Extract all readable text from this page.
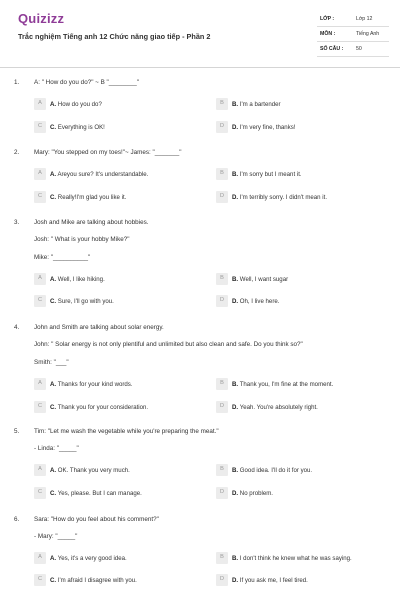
Quizizz
Trắc nghiệm Tiếng anh 12 Chức năng giao tiếp - Phần 2
LỚP :	Lớp 12
MÔN :	Tiếng Anh
SỐ CÂU : 50
1. A: " How do you do?" ~ B "________"
A	A. How do you do?	B	B. I'm a bartender
C	C. Everything is OK!	D	D. I'm very fine, thanks!
2. Mary: "You stepped on my toes!"~ James: "_______"
A	A. Areyou sure? It's understandable.	B	B. I'm sorry but I meant it.
C	C. Really!I'm glad you like it.	D	D. I'm terribly sorry. I didn't mean it.
3. Josh and Mike are talking about hobbies.
Josh: " What is your hobby Mike?"
Mike: "__________"
A	A. Well, I like hiking.	B	B. Well, I want sugar
C	C. Sure, I'll go with you.	D	D. Oh, I live here.
4. John and Smith are talking about solar energy.
John: " Solar energy is not only plentiful and unlimited but also clean and safe. Do you think so?"
Smith: "___"
A	A. Thanks for your kind words.	B	B. Thank you, I'm fine at the moment.
C	C. Thank you for your consideration.	D	D. Yeah. You're absolutely right.
5. Tim: "Let me wash the vegetable while you're preparing the meat."
- Linda: "_____"
A	A. OK. Thank you very much.	B	B. Good idea. I'll do it for you.
C	C. Yes, please. But I can manage.	D	D. No problem.
6. Sara: "How do you feel about his comment?"
- Mary: "_____"
A	A. Yes, it's a very good idea.	B	B. I don't think he knew what he was saying.
C	C. I'm afraid I disagree with you.	D	D. If you ask me, I feel tired.
